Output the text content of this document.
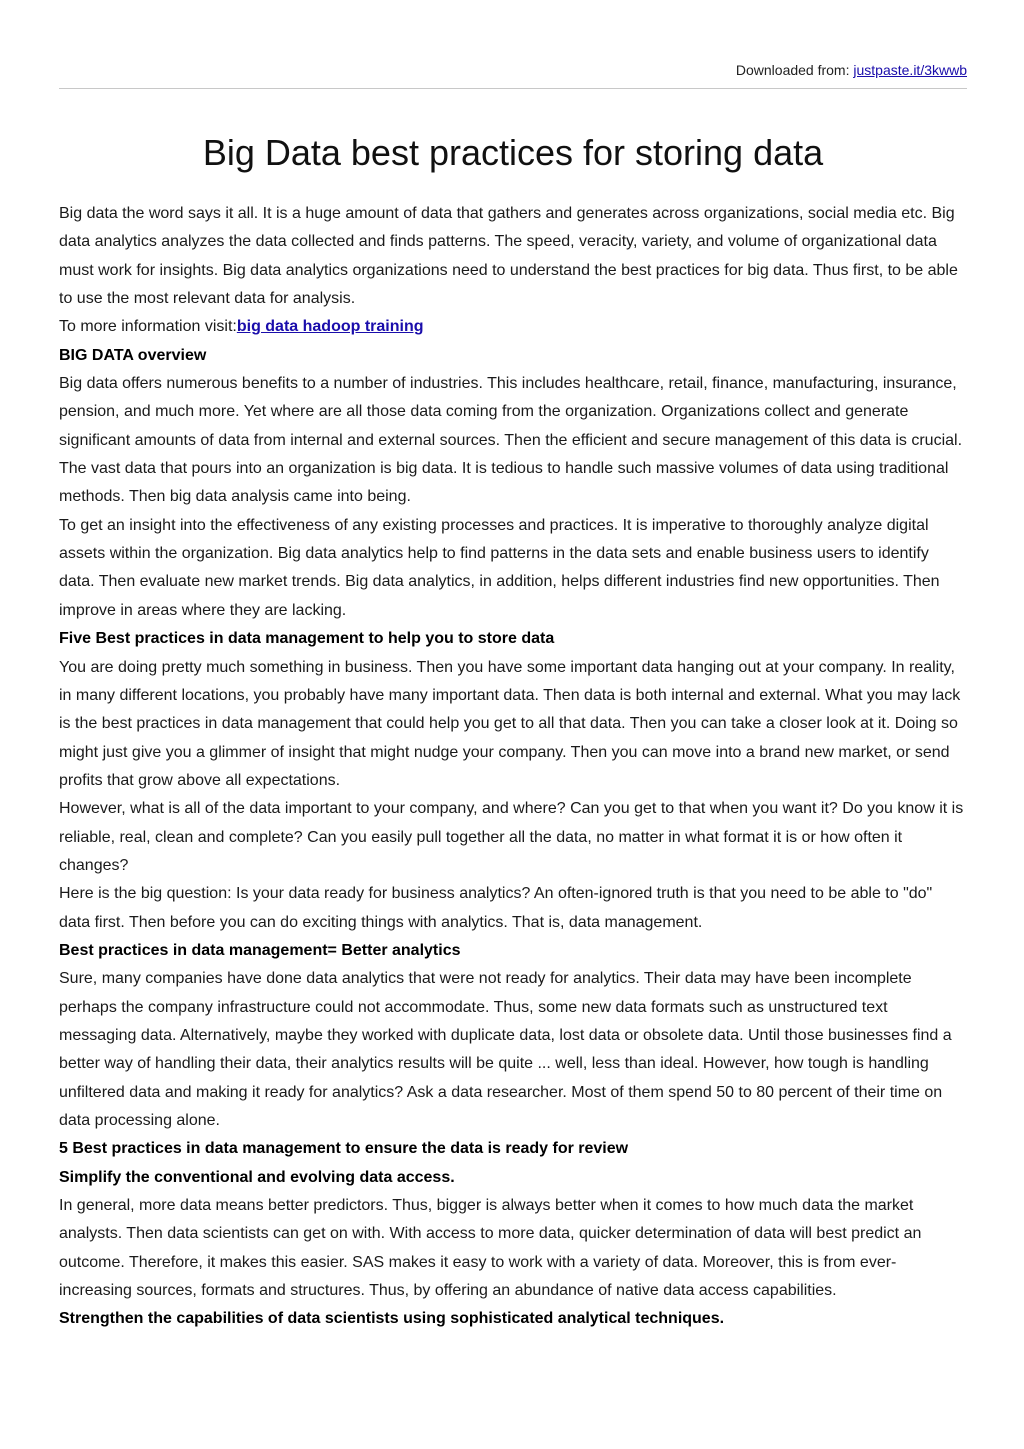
Downloaded from: justpaste.it/3kwwb
Big Data best practices for storing data

Big data the word says it all. It is a huge amount of data that gathers and generates across organizations, social media etc. Big data analytics analyzes the data collected and finds patterns. The speed, veracity, variety, and volume of organizational data must work for insights. Big data analytics organizations need to understand the best practices for big data. Thus first, to be able to use the most relevant data for analysis.

To more information visit:big data hadoop training

BIG DATA overview

Big data offers numerous benefits to a number of industries. This includes healthcare, retail, finance, manufacturing, insurance, pension, and much more. Yet where are all those data coming from the organization. Organizations collect and generate significant amounts of data from internal and external sources. Then the efficient and secure management of this data is crucial. The vast data that pours into an organization is big data. It is tedious to handle such massive volumes of data using traditional methods. Then big data analysis came into being.

To get an insight into the effectiveness of any existing processes and practices. It is imperative to thoroughly analyze digital assets within the organization. Big data analytics help to find patterns in the data sets and enable business users to identify data. Then evaluate new market trends. Big data analytics, in addition, helps different industries find new opportunities. Then improve in areas where they are lacking.

Five Best practices in data management to help you to store data

You are doing pretty much something in business. Then you have some important data hanging out at your company. In reality, in many different locations, you probably have many important data. Then data is both internal and external. What you may lack is the best practices in data management that could help you get to all that data. Then you can take a closer look at it. Doing so might just give you a glimmer of insight that might nudge your company. Then you can move into a brand new market, or send profits that grow above all expectations.

However, what is all of the data important to your company, and where? Can you get to that when you want it? Do you know it is reliable, real, clean and complete? Can you easily pull together all the data, no matter in what format it is or how often it changes?

Here is the big question: Is your data ready for business analytics? An often-ignored truth is that you need to be able to "do" data first. Then before you can do exciting things with analytics. That is, data management.

Best practices in data management= Better analytics

Sure, many companies have done data analytics that were not ready for analytics. Their data may have been incomplete perhaps the company infrastructure could not accommodate. Thus, some new data formats such as unstructured text messaging data. Alternatively, maybe they worked with duplicate data, lost data or obsolete data. Until those businesses find a better way of handling their data, their analytics results will be quite ... well, less than ideal. However, how tough is handling unfiltered data and making it ready for analytics? Ask a data researcher. Most of them spend 50 to 80 percent of their time on data processing alone.

5 Best practices in data management to ensure the data is ready for review

Simplify the conventional and evolving data access.

In general, more data means better predictors. Thus, bigger is always better when it comes to how much data the market analysts. Then data scientists can get on with. With access to more data, quicker determination of data will best predict an outcome. Therefore, it makes this easier. SAS makes it easy to work with a variety of data. Moreover, this is from ever-increasing sources, formats and structures. Thus, by offering an abundance of native data access capabilities.

Strengthen the capabilities of data scientists using sophisticated analytical techniques.
